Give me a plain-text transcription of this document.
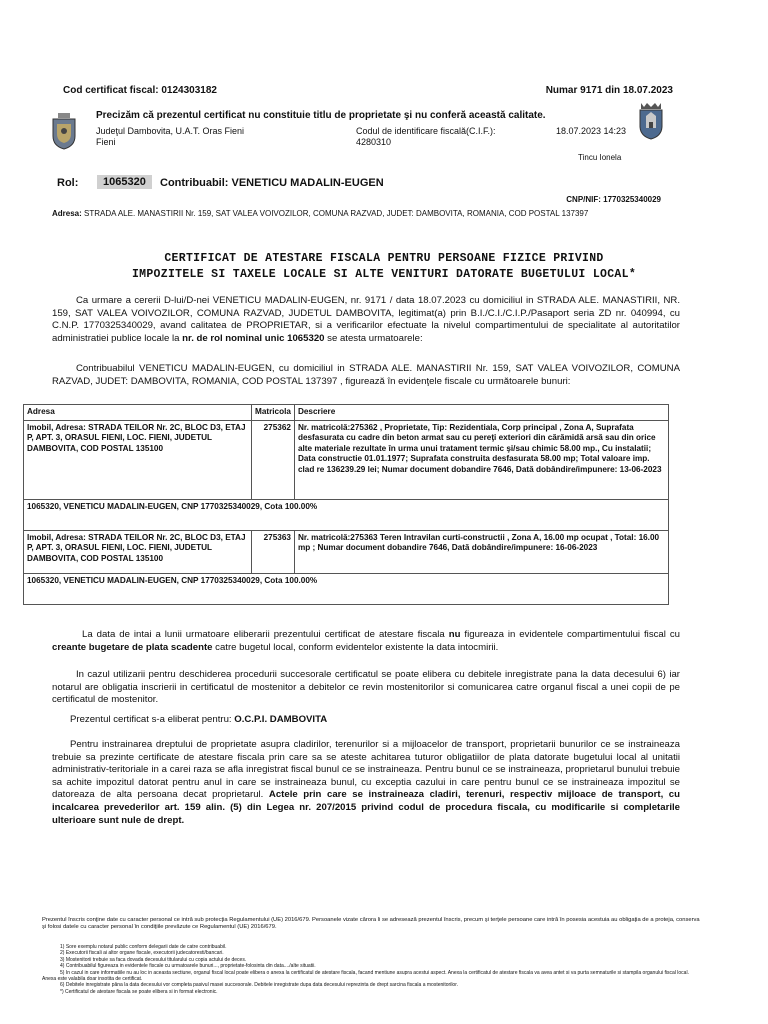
Cod certificat fiscal: 0124303182	Numar 9171 din 18.07.2023
Precizăm că prezentul certificat nu constituie titlu de proprietate şi nu conferă această calitate.
Judeţul Dambovita, U.A.T. Oras Fieni
Fieni
Codul de identificare fiscală(C.I.F.):
4280310
18.07.2023 14:23
Tincu Ionela
Rol:	1065320	Contribuabil: VENETICU MADALIN-EUGEN
CNP/NIF: 1770325340029
Adresa: STRADA ALE. MANASTIRII Nr. 159, SAT VALEA VOIVOZILOR, COMUNA RAZVAD, JUDET: DAMBOVITA, ROMANIA, COD POSTAL 137397
CERTIFICAT DE ATESTARE FISCALA PENTRU PERSOANE FIZICE PRIVIND
IMPOZITELE SI TAXELE LOCALE SI ALTE VENITURI DATORATE BUGETULUI LOCAL*
Ca urmare a cererii D-lui/D-nei VENETICU MADALIN-EUGEN, nr. 9171 / data 18.07.2023 cu domiciliul in STRADA ALE. MANASTIRII, NR. 159, SAT VALEA VOIVOZILOR, COMUNA RAZVAD, JUDETUL DAMBOVITA, legitimat(a) prin B.I./C.I./C.I.P./Pasaport seria ZD nr. 040994, cu C.N.P. 1770325340029, avand calitatea de PROPRIETAR, si a verificarilor efectuate la nivelul compartimentului de specialitate al autoritatilor administratiei publice locale la nr. de rol nominal unic 1065320 se atesta urmatoarele:
Contribuabilul VENETICU MADALIN-EUGEN, cu domiciliul in STRADA ALE. MANASTIRII Nr. 159, SAT VALEA VOIVOZILOR, COMUNA RAZVAD, JUDET: DAMBOVITA, ROMANIA, COD POSTAL 137397 , figurează în evidenţele fiscale cu următoarele bunuri:
Adresa	Matricola	Descriere
Imobil, Adresa: STRADA TEILOR Nr. 2C, BLOC D3, ETAJ P, APT. 3, ORASUL FIENI, LOC. FIENI, JUDETUL DAMBOVITA, COD POSTAL 135100	275362	Nr. matricolă:275362 , Proprietate, Tip: Rezidentiala, Corp principal , Zona A, Suprafata desfasurata cu cadre din beton armat sau cu pereţi exteriori din cărămidă arsă sau din orice alte materiale rezultate în urma unui tratament termic şi/sau chimic 58.00 mp., Cu instalatii; Data constructie 01.01.1977; Suprafata construita desfasurata 58.00 mp; Total valoare imp. clad re 136239.29 lei; Numar document dobandire 7646, Dată dobândire/impunere: 13-06-2023
1065320, VENETICU MADALIN-EUGEN, CNP 1770325340029, Cota 100.00%		
Imobil, Adresa: STRADA TEILOR Nr. 2C, BLOC D3, ETAJ P, APT. 3, ORASUL FIENI, LOC. FIENI, JUDETUL DAMBOVITA, COD POSTAL 135100	275363	Nr. matricolă:275363 Teren Intravilan curti-constructii , Zona A, 16.00 mp ocupat , Total: 16.00 mp ; Numar document dobandire 7646, Dată dobândire/impunere: 16-06-2023
1065320, VENETICU MADALIN-EUGEN, CNP 1770325340029, Cota 100.00%		
La data de intai a lunii urmatoare eliberarii prezentului certificat de atestare fiscala nu figureaza in evidentele compartimentului fiscal cu creante bugetare de plata scadente catre bugetul local, conform evidentelor existente la data intocmirii.
In cazul utilizarii pentru deschiderea procedurii succesorale certificatul se poate elibera cu debitele inregistrate pana la data decesului 6) iar notarul are obligatia inscrierii in certificatul de mostenitor a debitelor ce revin mostenitorilor si comunicarea catre organul fiscal a unei copii de pe certificatul de mostenitor.
Prezentul certificat s-a eliberat pentru: O.C.P.I. DAMBOVITA
Pentru instrainarea dreptului de proprietate asupra cladirilor, terenurilor si a mijloacelor de transport, proprietarii bunurilor ce se instraineaza trebuie sa prezinte certificate de atestare fiscala prin care sa se ateste achitarea tuturor obligatiilor de plata datorate bugetului local al unitatii administrativ-teritoriale in a carei raza se afla inregistrat fiscal bunul ce se instraineaza. Pentru bunul ce se instraineaza, proprietarul bunului trebuie sa achite impozitul datorat pentru anul in care se instraineaza bunul, cu exceptia cazului in care pentru bunul ce se instraineaza impozitul se datoreaza de alta persoana decat proprietarul. Actele prin care se instraineaza cladiri, terenuri, respectiv mijloace de transport, cu incalcarea prevederilor art. 159 alin. (5) din Legea nr. 207/2015 privind codul de procedura fiscala, cu modificarile si completarile ulterioare sunt nule de drept.
Prezentul înscris conţine date cu caracter personal ce intră sub protecţia Regulamentului (UE) 2016/679. Persoanele vizate cărora li se adresează prezentul înscris, precum şi terţele persoane care intră în posesia acestuia au obligaţia de a proteja, conserva şi folosi datele cu caracter personal în condiţiile prevăzute ce Regulamentul (UE) 2016/679.
1) Sore exemplu notarul public conform delegarii date de catre contribuabil.
2) Executorii fiscali ai altor organe fiscale, executorii judecatoresti/bancari.
3) Mostenitorii trebuie sa faca dovada decesului titularului cu copia actului de deces.
4) Contribuabilul figureaza in evidentele fiscale cu urmatoarele bunuri..., proprietate-folosinta din data..../alte situatii.
5) In cazul in care informatiile nu au loc in aceasta sectiune, organul fiscal local poate elibera o anexa la certificatul de atestare fiscala, facand mentiune asupra acestui aspect. Anexa la certificatul de atestare fiscala va avea antet si va purta semnaturile si stampila organului fiscal local. Anexa este valabila doar insotita de certificat.
6) Debitele inregistrate pâna la data decesului vor completa pasivul masei succesorale. Debitele inregistrate dupa data decesului reprezinta de drept sarcina fiscala a mostenitorilor.
*) Certificatul de atestare fiscala se poate elibera si in format electronic.
